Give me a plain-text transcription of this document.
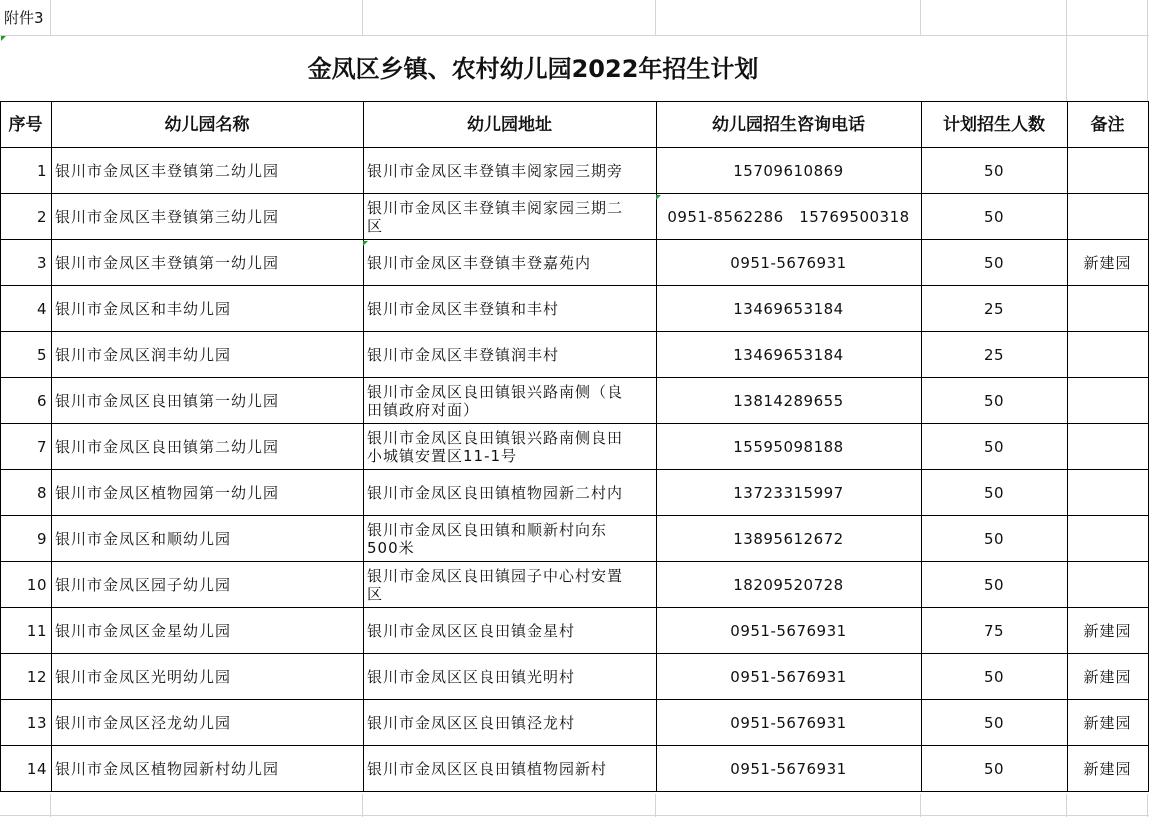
附件3
金凤区乡镇、农村幼儿园2022年招生计划
序号	幼儿园名称	幼儿园地址	幼儿园招生咨询电话	计划招生人数	备注
1 银川市金凤区丰登镇第二幼儿园	银川市金凤区丰登镇丰阅家园三期旁	15709610869	50
2 银川市金凤区丰登镇第三幼儿园	银川市金凤区丰登镇丰阅家园三期二区	0951-8562286　15769500318	50
3 银川市金凤区丰登镇第一幼儿园	银川市金凤区丰登镇丰登嘉苑内	0951-5676931	50	新建园
4 银川市金凤区和丰幼儿园	银川市金凤区丰登镇和丰村	13469653184	25
5 银川市金凤区润丰幼儿园	银川市金凤区丰登镇润丰村	13469653184	25
6 银川市金凤区良田镇第一幼儿园	银川市金凤区良田镇银兴路南侧（良田镇政府对面）	13814289655	50
7 银川市金凤区良田镇第二幼儿园	银川市金凤区良田镇银兴路南侧良田小城镇安置区11-1号	15595098188	50
8 银川市金凤区植物园第一幼儿园	银川市金凤区良田镇植物园新二村内	13723315997	50
9 银川市金凤区和顺幼儿园	银川市金凤区良田镇和顺新村向东500米	13895612672	50
10 银川市金凤区园子幼儿园	银川市金凤区良田镇园子中心村安置区	18209520728	50
11 银川市金凤区金星幼儿园	银川市金凤区区良田镇金星村	0951-5676931	75	新建园
12 银川市金凤区光明幼儿园	银川市金凤区区良田镇光明村	0951-5676931	50	新建园
13 银川市金凤区泾龙幼儿园	银川市金凤区区良田镇泾龙村	0951-5676931	50	新建园
14 银川市金凤区植物园新村幼儿园	银川市金凤区区良田镇植物园新村	0951-5676931	50	新建园
